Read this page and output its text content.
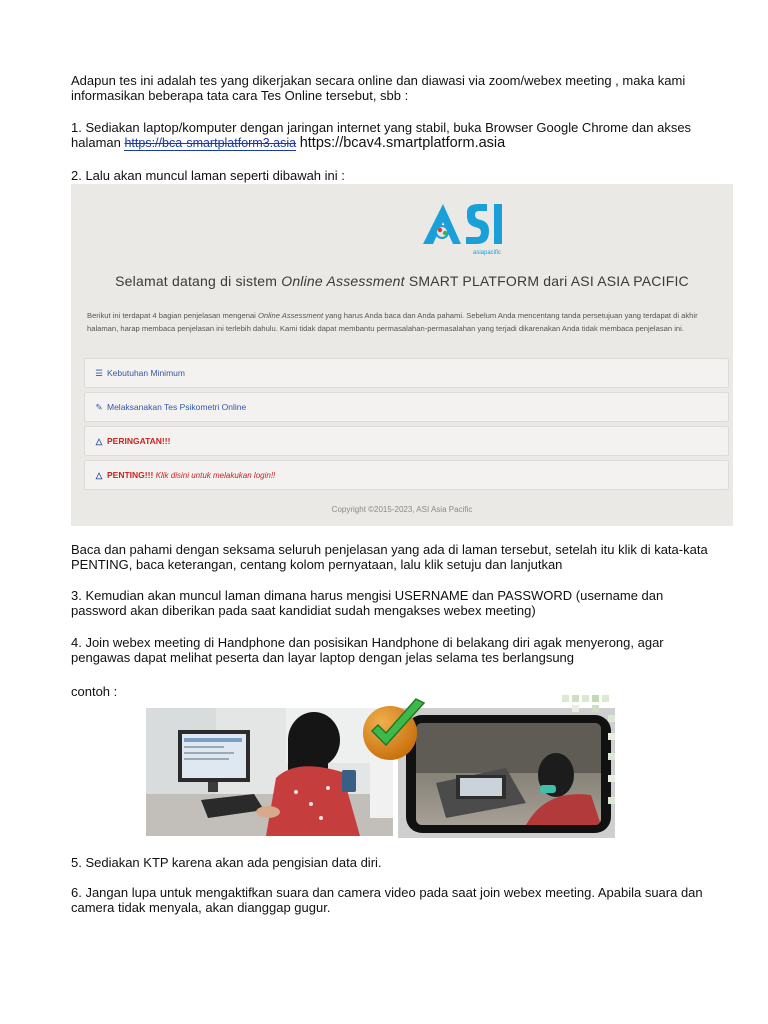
Adapun tes ini adalah tes yang dikerjakan secara online dan diawasi via zoom/webex meeting , maka kami informasikan beberapa tata cara Tes Online tersebut, sbb :

1. Sediakan laptop/komputer dengan jaringan internet yang stabil, buka Browser Google Chrome dan akses halaman https://bca-smartplatform3.asia https://bcav4.smartplatform.asia

2. Lalu akan muncul laman seperti dibawah ini :

asiapacific
Selamat datang di sistem Online Assessment SMART PLATFORM dari ASI ASIA PACIFIC
Berikut ini terdapat 4 bagian penjelasan mengenai Online Assessment yang harus Anda baca dan Anda pahami. Sebelum Anda mencentang tanda persetujuan yang terdapat di akhir halaman, harap membaca penjelasan ini terlebih dahulu. Kami tidak dapat membantu permasalahan-permasalahan yang terjadi dikarenakan Anda tidak membaca penjelasan ini.
☰ Kebutuhan Minimum
✎ Melaksanakan Tes Psikometri Online
△ PERINGATAN!!!
△ PENTING!!! Klik disini untuk melakukan login!!
Copyright ©2015-2023, ASI Asia Pacific

Baca dan pahami dengan seksama seluruh penjelasan yang ada di laman tersebut, setelah itu klik di kata-kata PENTING, baca keterangan, centang kolom pernyataan, lalu klik setuju dan lanjutkan

3. Kemudian akan muncul laman dimana harus mengisi USERNAME dan PASSWORD (username dan password akan diberikan pada saat kandidiat sudah mengakses webex meeting)

4. Join webex meeting di Handphone dan posisikan Handphone di belakang diri agak menyerong, agar pengawas dapat melihat peserta dan layar laptop dengan jelas selama tes berlangsung

contoh :

5. Sediakan KTP karena akan ada pengisian data diri.

6. Jangan lupa untuk mengaktifkan suara dan camera video pada saat join webex meeting. Apabila suara dan camera tidak menyala, akan dianggap gugur.
